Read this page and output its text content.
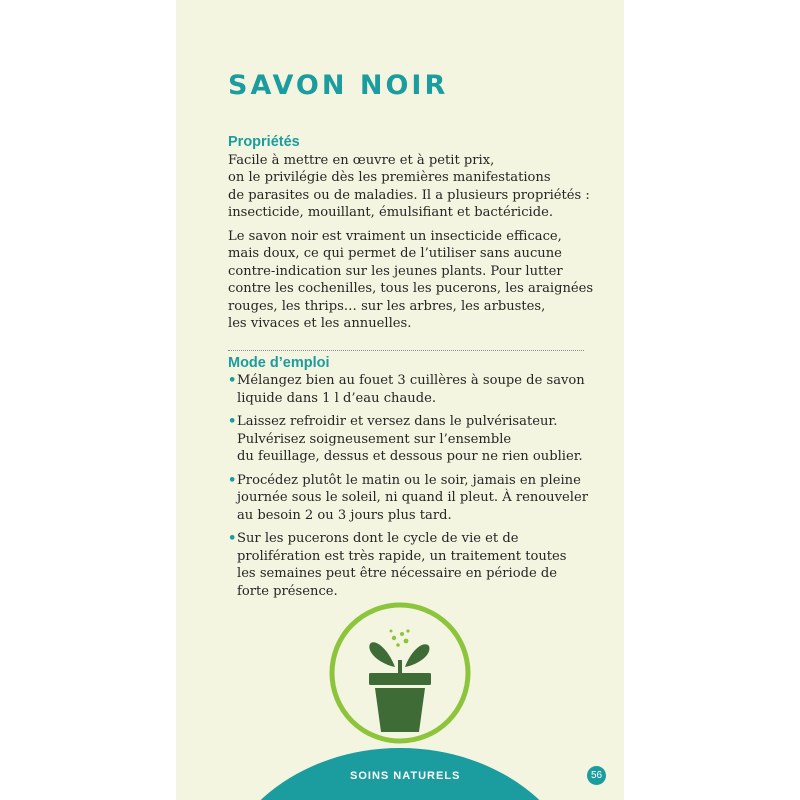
SAVON NOIR
Propriétés

Facile à mettre en œuvre et à petit prix,
on le privilégie dès les premières manifestations
de parasites ou de maladies. Il a plusieurs propriétés :
insecticide, mouillant, émulsifiant et bactéricide.

Le savon noir est vraiment un insecticide efficace,
mais doux, ce qui permet de l’utiliser sans aucune
contre-indication sur les jeunes plants. Pour lutter
contre les cochenilles, tous les pucerons, les araignées
rouges, les thrips… sur les arbres, les arbustes,
les vivaces et les annuelles.

Mode d’emploi
• Mélangez bien au fouet 3 cuillères à soupe de savon
liquide dans 1 l d’eau chaude.
• Laissez refroidir et versez dans le pulvérisateur.
Pulvérisez soigneusement sur l’ensemble
du feuillage, dessus et dessous pour ne rien oublier.
• Procédez plutôt le matin ou le soir, jamais en pleine
journée sous le soleil, ni quand il pleut. À renouveler
au besoin 2 ou 3 jours plus tard.
• Sur les pucerons dont le cycle de vie et de
prolifération est très rapide, un traitement toutes
les semaines peut être nécessaire en période de
forte présence.
SOINS NATURELS	56
